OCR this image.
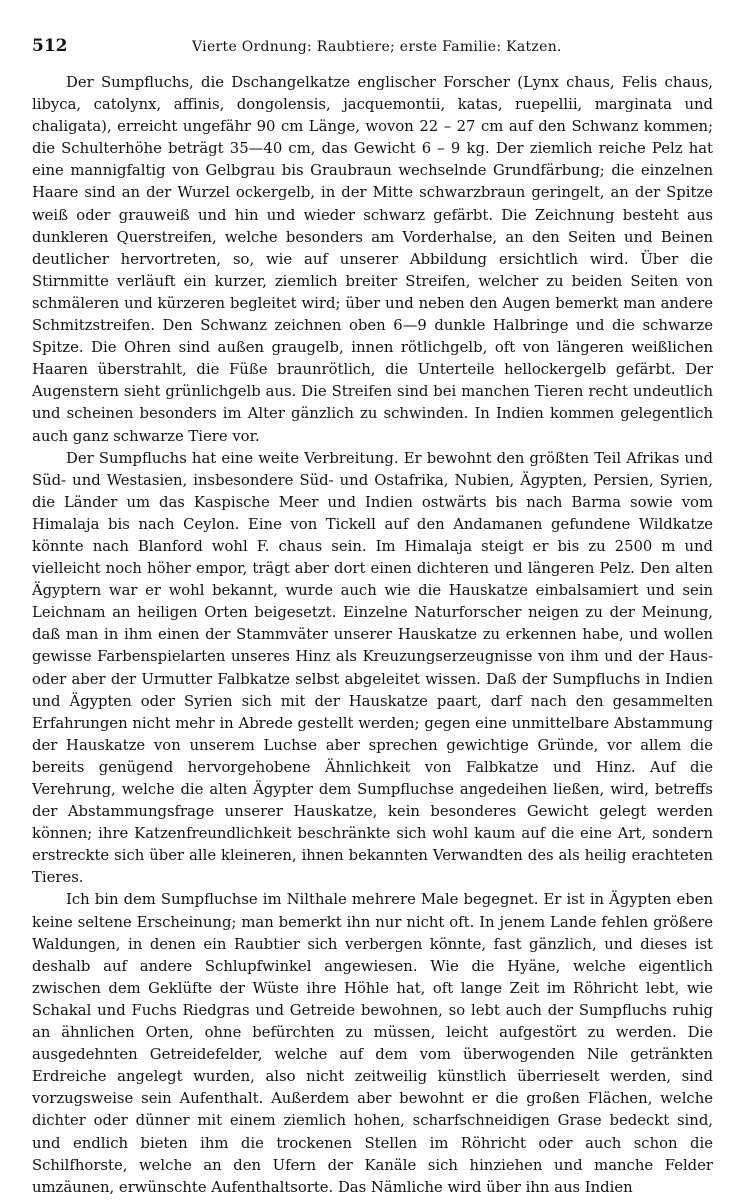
512	Vierte Ordnung: Raubtiere; erste Familie: Katzen.

Der Sumpfluchs, die Dschangelkatze englischer Forscher (Lynx chaus, Felis chaus, libyca, catolynx, affinis, dongolensis, jacquemontii, katas, ruepellii, marginata und chaligata), erreicht ungefähr 90 cm Länge, wovon 22 – 27 cm auf den Schwanz kommen; die Schulterhöhe beträgt 35—40 cm, das Gewicht 6 – 9 kg. Der ziemlich reiche Pelz hat eine mannigfaltig von Gelbgrau bis Graubraun wechselnde Grundfärbung; die einzelnen Haare sind an der Wurzel ockergelb, in der Mitte schwarzbraun geringelt, an der Spitze weiß oder grauweiß und hin und wieder schwarz gefärbt. Die Zeichnung besteht aus dunkleren Querstreifen, welche besonders am Vorderhalse, an den Seiten und Beinen deutlicher hervortreten, so, wie auf unserer Abbildung ersichtlich wird. Über die Stirnmitte verläuft ein kurzer, ziemlich breiter Streifen, welcher zu beiden Seiten von schmäleren und kürzeren begleitet wird; über und neben den Augen bemerkt man andere Schmitzstreifen. Den Schwanz zeichnen oben 6—9 dunkle Halbringe und die schwarze Spitze. Die Ohren sind außen graugelb, innen rötlichgelb, oft von längeren weißlichen Haaren überstrahlt, die Füße braunrötlich, die Unterteile hellockergelb gefärbt. Der Augenstern sieht grünlichgelb aus. Die Streifen sind bei manchen Tieren recht undeutlich und scheinen besonders im Alter gänzlich zu schwinden. In Indien kommen gelegentlich auch ganz schwarze Tiere vor.

Der Sumpfluchs hat eine weite Verbreitung. Er bewohnt den größten Teil Afrikas und Süd- und Westasien, insbesondere Süd- und Ostafrika, Nubien, Ägypten, Persien, Syrien, die Länder um das Kaspische Meer und Indien ostwärts bis nach Barma sowie vom Himalaja bis nach Ceylon. Eine von Tickell auf den Andamanen gefundene Wildkatze könnte nach Blanford wohl F. chaus sein. Im Himalaja steigt er bis zu 2500 m und vielleicht noch höher empor, trägt aber dort einen dichteren und längeren Pelz. Den alten Ägyptern war er wohl bekannt, wurde auch wie die Hauskatze einbalsamiert und sein Leichnam an heiligen Orten beigesetzt. Einzelne Naturforscher neigen zu der Meinung, daß man in ihm einen der Stammväter unserer Hauskatze zu erkennen habe, und wollen gewisse Farbenspielarten unseres Hinz als Kreuzungserzeugnisse von ihm und der Haus- oder aber der Urmutter Falbkatze selbst abgeleitet wissen. Daß der Sumpfluchs in Indien und Ägypten oder Syrien sich mit der Hauskatze paart, darf nach den gesammelten Erfahrungen nicht mehr in Abrede gestellt werden; gegen eine unmittelbare Abstammung der Hauskatze von unserem Luchse aber sprechen gewichtige Gründe, vor allem die bereits genügend hervorgehobene Ähnlichkeit von Falbkatze und Hinz. Auf die Verehrung, welche die alten Ägypter dem Sumpfluchse angedeihen ließen, wird, betreffs der Abstammungsfrage unserer Hauskatze, kein besonderes Gewicht gelegt werden können; ihre Katzenfreundlichkeit beschränkte sich wohl kaum auf die eine Art, sondern erstreckte sich über alle kleineren, ihnen bekannten Verwandten des als heilig erachteten Tieres.

Ich bin dem Sumpfluchse im Nilthale mehrere Male begegnet. Er ist in Ägypten eben keine seltene Erscheinung; man bemerkt ihn nur nicht oft. In jenem Lande fehlen größere Waldungen, in denen ein Raubtier sich verbergen könnte, fast gänzlich, und dieses ist deshalb auf andere Schlupfwinkel angewiesen. Wie die Hyäne, welche eigentlich zwischen dem Geklüfte der Wüste ihre Höhle hat, oft lange Zeit im Röhricht lebt, wie Schakal und Fuchs Riedgras und Getreide bewohnen, so lebt auch der Sumpfluchs ruhig an ähnlichen Orten, ohne befürchten zu müssen, leicht aufgestört zu werden. Die ausgedehnten Getreidefelder, welche auf dem vom überwogenden Nile getränkten Erdreiche angelegt wurden, also nicht zeitweilig künstlich überrieselt werden, sind vorzugsweise sein Aufenthalt. Außerdem aber bewohnt er die großen Flächen, welche dichter oder dünner mit einem ziemlich hohen, scharfschneidigen Grase bedeckt sind, und endlich bieten ihm die trockenen Stellen im Röhricht oder auch schon die Schilfhorste, welche an den Ufern der Kanäle sich hinziehen und manche Felder umzäunen, erwünschte Aufenthaltsorte. Das Nämliche wird über ihn aus Indien
